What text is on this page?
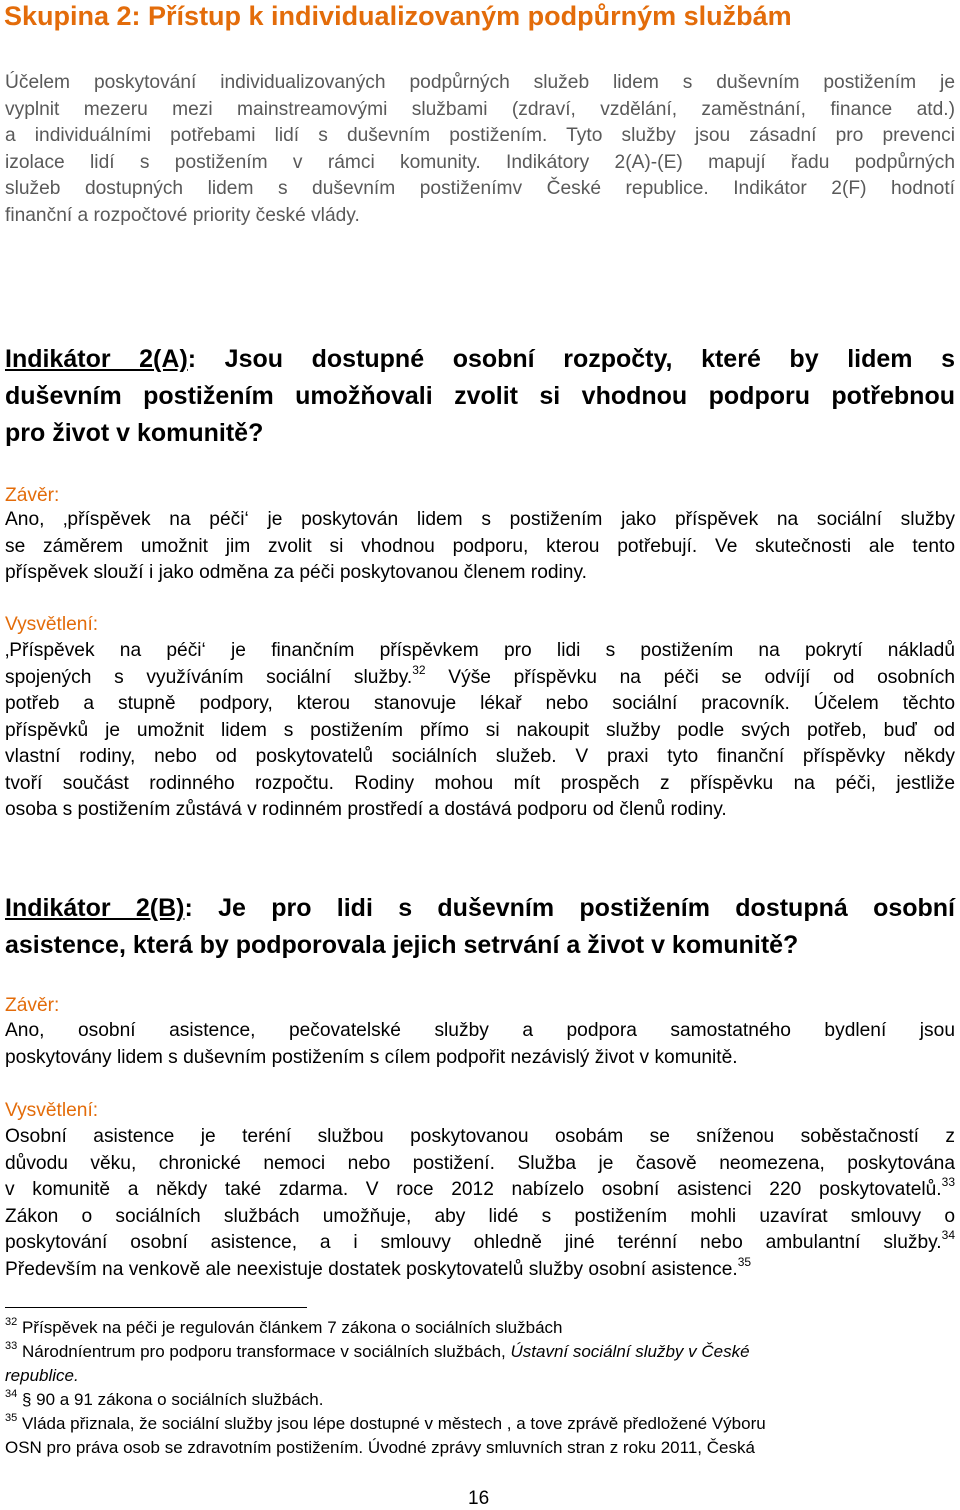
Skupina 2: Přístup k individualizovaným podpůrným službám
Účelem poskytování individualizovaných podpůrných služeb lidem s duševním postižením je
vyplnit mezeru mezi mainstreamovými službami (zdraví, vzdělání, zaměstnání, finance atd.)
a individuálními potřebami lidí s duševním postižením. Tyto služby jsou zásadní pro prevenci
izolace lidí s postižením v rámci komunity. Indikátory 2(A)-(E) mapují řadu podpůrných
služeb dostupných lidem s duševním postiženímv České republice. Indikátor 2(F) hodnotí
finanční a rozpočtové priority české vlády.
Indikátor 2(A): Jsou dostupné osobní rozpočty, které by lidem s
duševním postižením umožňovali zvolit si vhodnou podporu potřebnou
pro život v komunitě?
Závěr:
Ano, ‚příspěvek na péči‘ je poskytován lidem s postižením jako příspěvek na sociální služby
se záměrem umožnit jim zvolit si vhodnou podporu, kterou potřebují. Ve skutečnosti ale tento
příspěvek slouží i jako odměna za péči poskytovanou členem rodiny.
Vysvětlení:
‚Příspěvek na péči‘ je finančním příspěvkem pro lidi s postižením na pokrytí nákladů
spojených s využíváním sociální služby.$^{32}$ Výše příspěvku na péči se odvíjí od osobních
potřeb a stupně podpory, kterou stanovuje lékař nebo sociální pracovník. Účelem těchto
příspěvků je umožnit lidem s postižením přímo si nakoupit služby podle svých potřeb, buď od
vlastní rodiny, nebo od poskytovatelů sociálních služeb. V praxi tyto finanční příspěvky někdy
tvoří součást rodinného rozpočtu. Rodiny mohou mít prospěch z příspěvku na péči, jestliže
osoba s postižením zůstává v rodinném prostředí a dostává podporu od členů rodiny.
Indikátor 2(B): Je pro lidi s duševním postižením dostupná osobní
asistence, která by podporovala jejich setrvání a život v komunitě?
Závěr:
Ano, osobní asistence, pečovatelské služby a podpora samostatného bydlení jsou
poskytovány lidem s duševním postižením s cílem podpořit nezávislý život v komunitě.
Vysvětlení:
Osobní asistence je teréní službou poskytovanou osobám se sníženou soběstačností z
důvodu věku, chronické nemoci nebo postižení. Služba je časově neomezena, poskytována
v komunitě a někdy také zdarma. V roce 2012 nabízelo osobní asistenci 220 poskytovatelů.$^{33}$
Zákon o sociálních službách umožňuje, aby lidé s postižením mohli uzavírat smlouvy o
poskytování osobní asistence, a i smlouvy ohledně jiné terénní nebo ambulantní služby.$^{34}$
Především na venkově ale neexistuje dostatek poskytovatelů služby osobní asistence.$^{35}$
$^{32}$ Příspěvek na péči je regulován článkem 7 zákona o sociálních službách
$^{33}$ Národníentrum pro podporu transformace v sociálních službách, Ústavní sociální služby v České
republice.
$^{34}$ § 90 a 91 zákona o sociálních službách.
$^{35}$ Vláda přiznala, že sociální služby jsou lépe dostupné v městech , a tove zprávě předložené Výboru
OSN pro práva osob se zdravotním postižením. Úvodné zprávy smluvních stran z roku 2011, Česká
16
